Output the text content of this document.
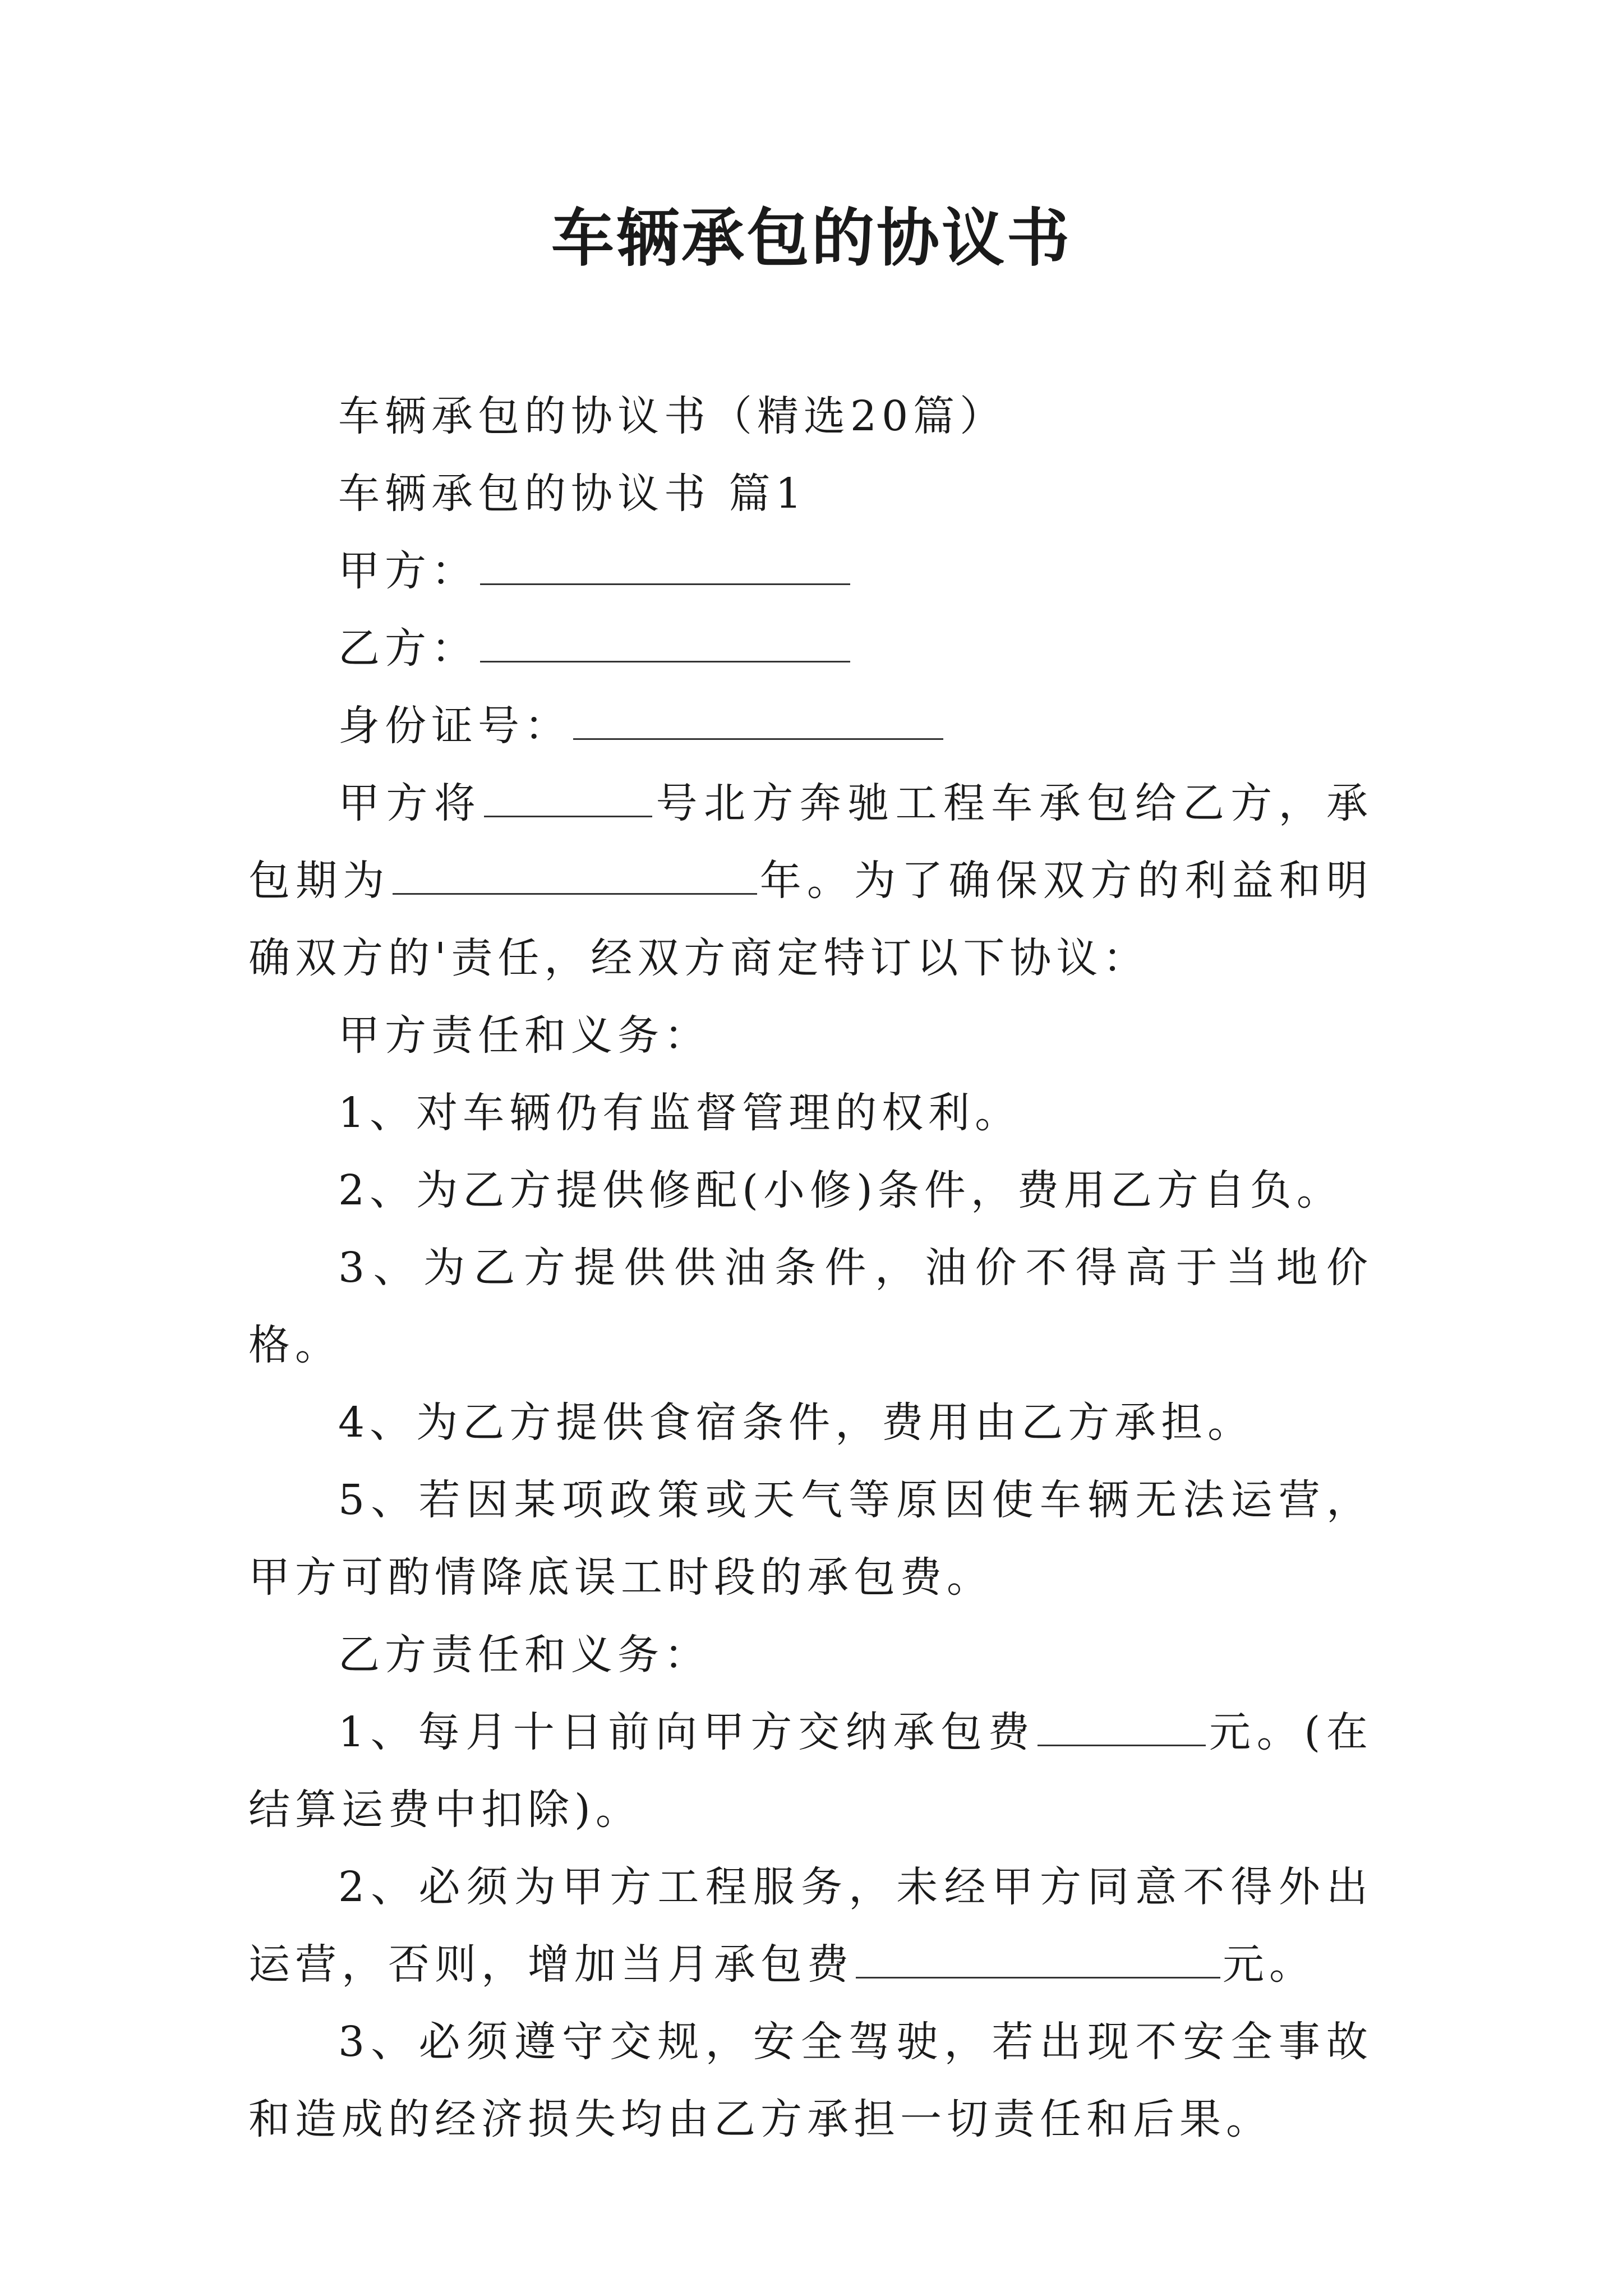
车辆承包的协议书

车辆承包的协议书（精选20篇）

车辆承包的协议书 篇1

甲方：

乙方：

身份证号：

甲方将	号北方奔驰工程车承包给乙方，承包期为	年。为了确保双方的利益和明确双方的'责任，经双方商定特订以下协议：

甲方责任和义务：

1、对车辆仍有监督管理的权利。

2、为乙方提供修配(小修)条件，费用乙方自负。

3、为乙方提供供油条件，油价不得高于当地价格。

4、为乙方提供食宿条件，费用由乙方承担。

5、若因某项政策或天气等原因使车辆无法运营，甲方可酌情降底误工时段的承包费。

乙方责任和义务：

1、每月十日前向甲方交纳承包费	元。(在结算运费中扣除)。

2、必须为甲方工程服务，未经甲方同意不得外出运营，否则，增加当月承包费	元。

3、必须遵守交规，安全驾驶，若出现不安全事故和造成的经济损失均由乙方承担一切责任和后果。
